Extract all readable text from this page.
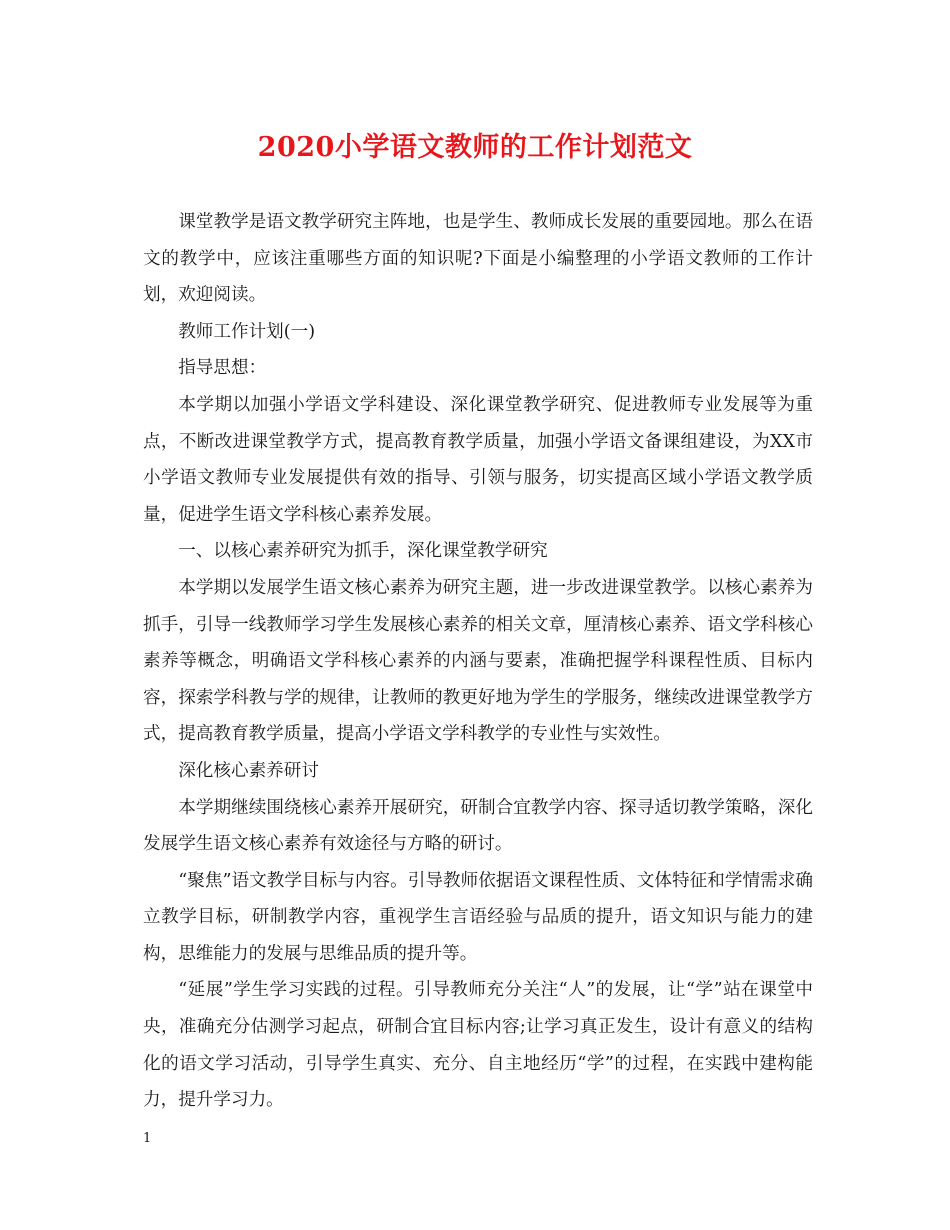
2020小学语文教师的工作计划范文

课堂教学是语文教学研究主阵地，也是学生、教师成长发展的重要园地。那么在语文的教学中，应该注重哪些方面的知识呢?下面是小编整理的小学语文教师的工作计划，欢迎阅读。

教师工作计划(一)

指导思想：

本学期以加强小学语文学科建设、深化课堂教学研究、促进教师专业发展等为重点，不断改进课堂教学方式，提高教育教学质量，加强小学语文备课组建设，为XX市小学语文教师专业发展提供有效的指导、引领与服务，切实提高区域小学语文教学质量，促进学生语文学科核心素养发展。

一、以核心素养研究为抓手，深化课堂教学研究

本学期以发展学生语文核心素养为研究主题，进一步改进课堂教学。以核心素养为抓手，引导一线教师学习学生发展核心素养的相关文章，厘清核心素养、语文学科核心素养等概念，明确语文学科核心素养的内涵与要素，准确把握学科课程性质、目标内容，探索学科教与学的规律，让教师的教更好地为学生的学服务，继续改进课堂教学方式，提高教育教学质量，提高小学语文学科教学的专业性与实效性。

深化核心素养研讨

本学期继续围绕核心素养开展研究，研制合宜教学内容、探寻适切教学策略，深化发展学生语文核心素养有效途径与方略的研讨。

“聚焦”语文教学目标与内容。引导教师依据语文课程性质、文体特征和学情需求确立教学目标，研制教学内容，重视学生言语经验与品质的提升，语文知识与能力的建构，思维能力的发展与思维品质的提升等。

“延展”学生学习实践的过程。引导教师充分关注“人”的发展，让“学”站在课堂中央，准确充分估测学习起点，研制合宜目标内容;让学习真正发生，设计有意义的结构化的语文学习活动，引导学生真实、充分、自主地经历“学”的过程，在实践中建构能力，提升学习力。

1
